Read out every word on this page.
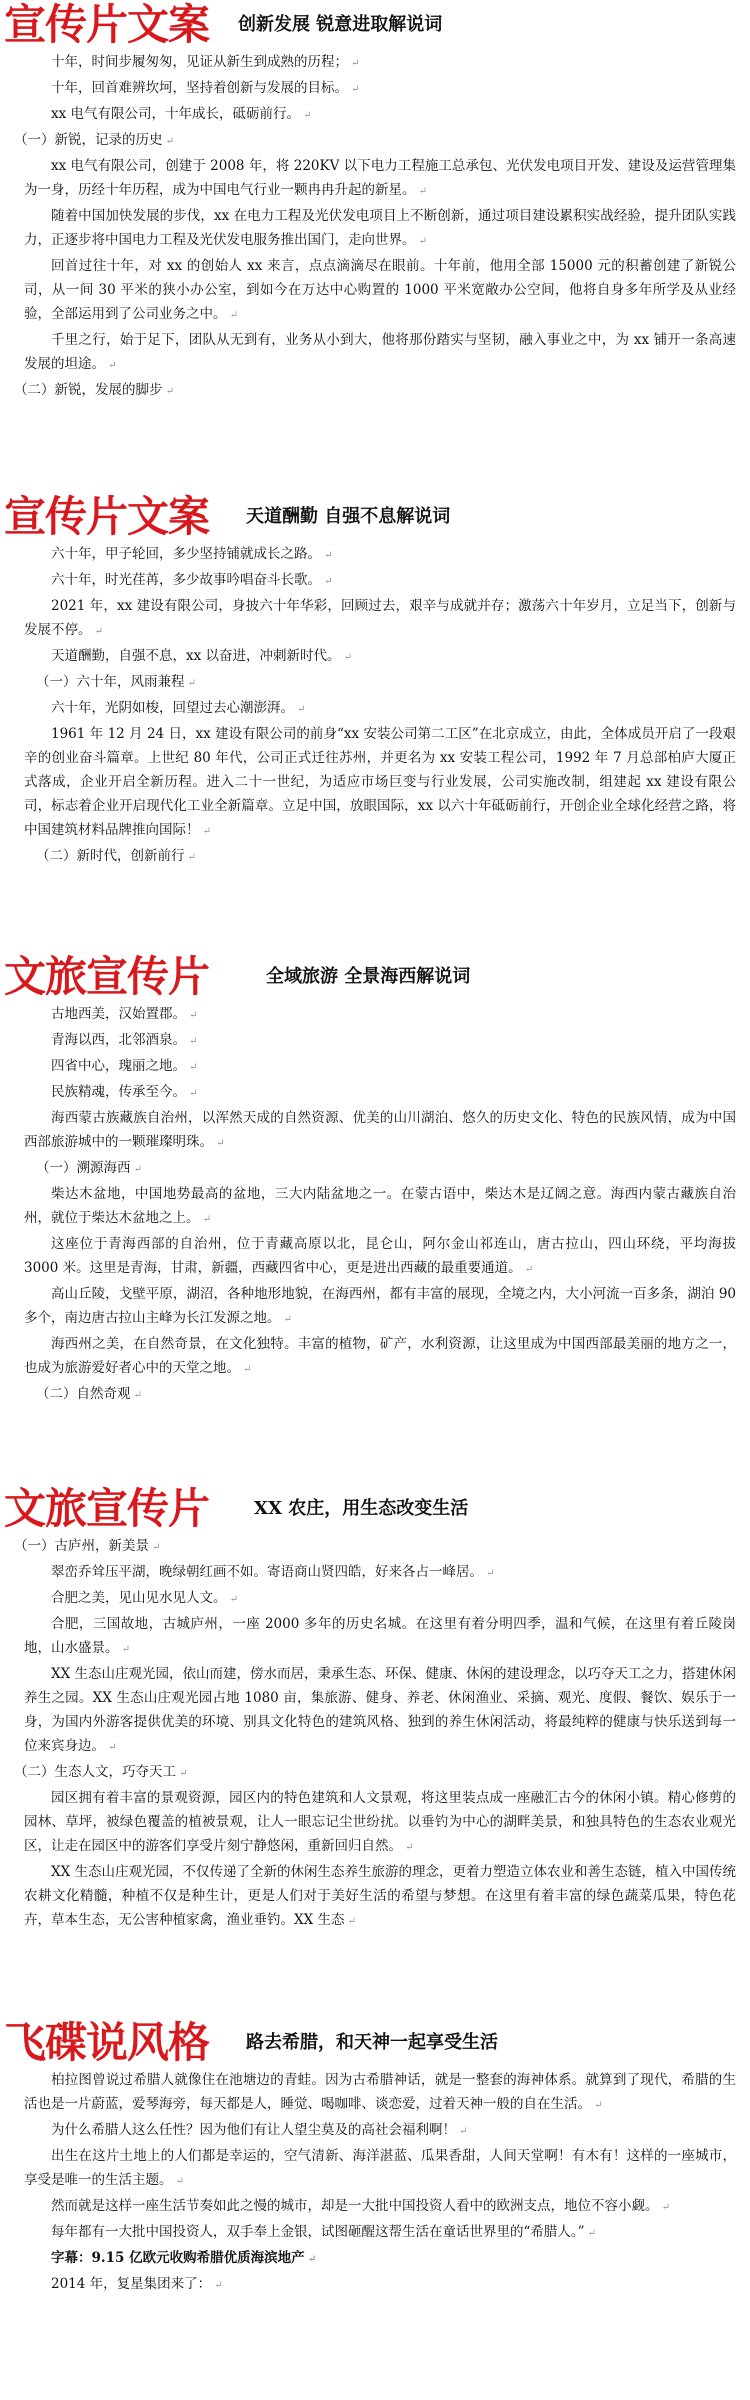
宣传片文案 创新发展 锐意进取解说词
十年，时间步履匆匆，见证从新生到成熟的历程； ↵
十年，回首难辨坎坷，坚持着创新与发展的目标。 ↵
xx 电气有限公司，十年成长，砥砺前行。 ↵
（一）新锐，记录的历史 ↵
xx 电气有限公司，创建于 2008 年，将 220KV 以下电力工程施工总承包、光伏发电项目开发、建设及运营管理集为一身，历经十年历程，成为中国电气行业一颗冉冉升起的新星。 ↵
随着中国加快发展的步伐，xx 在电力工程及光伏发电项目上不断创新，通过项目建设累积实战经验，提升团队实践力，正逐步将中国电力工程及光伏发电服务推出国门，走向世界。 ↵
回首过往十年，对 xx 的创始人 xx 来言，点点滴滴尽在眼前。十年前，他用全部 15000 元的积蓄创建了新锐公司，从一间 30 平米的狭小办公室，到如今在万达中心购置的 1000 平米宽敞办公空间，他将自身多年所学及从业经验，全部运用到了公司业务之中。 ↵
千里之行，始于足下，团队从无到有，业务从小到大，他将那份踏实与坚韧，融入事业之中，为 xx 铺开一条高速发展的坦途。 ↵
（二）新锐，发展的脚步 ↵
宣传片文案 天道酬勤 自强不息解说词
六十年，甲子轮回，多少坚持铺就成长之路。 ↵
六十年，时光荏苒，多少故事吟唱奋斗长歌。 ↵
2021 年，xx 建设有限公司，身披六十年华彩，回顾过去，艰辛与成就并存；激荡六十年岁月，立足当下，创新与发展不停。 ↵
天道酬勤，自强不息，xx 以奋进，冲刺新时代。 ↵
（一）六十年，风雨兼程 ↵
六十年，光阴如梭，回望过去心潮澎湃。 ↵
1961 年 12 月 24 日，xx 建设有限公司的前身“xx 安装公司第二工区”在北京成立，由此，全体成员开启了一段艰辛的创业奋斗篇章。上世纪 80 年代，公司正式迁往苏州，并更名为 xx 安装工程公司，1992 年 7 月总部柏庐大厦正式落成，企业开启全新历程。进入二十一世纪，为适应市场巨变与行业发展，公司实施改制，组建起 xx 建设有限公司，标志着企业开启现代化工业全新篇章。立足中国，放眼国际，xx 以六十年砥砺前行，开创企业全球化经营之路，将中国建筑材料品牌推向国际！ ↵
（二）新时代，创新前行 ↵
文旅宣传片	全域旅游 全景海西解说词
古地西美，汉始置郡。 ↵
青海以西，北邻酒泉。 ↵
四省中心，瑰丽之地。 ↵
民族精魂，传承至今。 ↵
海西蒙古族藏族自治州，以浑然天成的自然资源、优美的山川湖泊、悠久的历史文化、特色的民族风情，成为中国西部旅游城中的一颗璀璨明珠。 ↵
（一）溯源海西 ↵
柴达木盆地，中国地势最高的盆地，三大内陆盆地之一。在蒙古语中，柴达木是辽阔之意。海西内蒙古藏族自治州，就位于柴达木盆地之上。 ↵
这座位于青海西部的自治州，位于青藏高原以北，昆仑山，阿尔金山祁连山，唐古拉山，四山环绕，平均海拔 3000 米。这里是青海，甘肃，新疆，西藏四省中心，更是进出西藏的最重要通道。 ↵
高山丘陵，戈壁平原，湖沼，各种地形地貌，在海西州，都有丰富的展现，全境之内，大小河流一百多条，湖泊 90 多个，南边唐古拉山主峰为长江发源之地。 ↵
海西州之美，在自然奇景，在文化独特。丰富的植物，矿产，水利资源，让这里成为中国西部最美丽的地方之一，也成为旅游爱好者心中的天堂之地。 ↵
（二）自然奇观 ↵
文旅宣传片 XX 农庄，用生态改变生活
（一）古庐州，新美景 ↵
翠峦乔耸压平湖，晚绿朝红画不如。寄语商山贤四皓，好来各占一峰居。 ↵
合肥之美，见山见水见人文。 ↵
合肥，三国故地，古城庐州，一座 2000 多年的历史名城。在这里有着分明四季，温和气候，在这里有着丘陵岗地，山水盛景。 ↵
XX 生态山庄观光园，依山而建，傍水而居，秉承生态、环保、健康、休闲的建设理念，以巧夺天工之力，搭建休闲养生之园。XX 生态山庄观光园占地 1080 亩，集旅游、健身、养老、休闲渔业、采摘、观光、度假、餐饮、娱乐于一身，为国内外游客提供优美的环境、别具文化特色的建筑风格、独到的养生休闲活动，将最纯粹的健康与快乐送到每一位来宾身边。 ↵
（二）生态人文，巧夺天工 ↵
园区拥有着丰富的景观资源，园区内的特色建筑和人文景观，将这里装点成一座融汇古今的休闲小镇。精心修剪的园林、草坪，被绿色覆盖的植被景观，让人一眼忘记尘世纷扰。以垂钓为中心的湖畔美景，和独具特色的生态农业观光区，让走在园区中的游客们享受片刻宁静悠闲，重新回归自然。 ↵
XX 生态山庄观光园，不仅传递了全新的休闲生态养生旅游的理念，更着力塑造立体农业和善生态链，植入中国传统农耕文化精髓，种植不仅是种生计，更是人们对于美好生活的希望与梦想。在这里有着丰富的绿色蔬菜瓜果，特色花卉，草本生态，无公害种植家禽，渔业垂钓。XX 生态 ↵
飞碟说风格 路去希腊，和天神一起享受生活
柏拉图曾说过希腊人就像住在池塘边的青蛙。因为古希腊神话，就是一整套的海神体系。就算到了现代，希腊的生活也是一片蔚蓝，爱琴海旁，每天都是人，睡觉、喝咖啡、谈恋爱，过着天神一般的自在生活。 ↵
为什么希腊人这么任性？因为他们有让人望尘莫及的高社会福利啊！ ↵
出生在这片土地上的人们都是幸运的，空气清新、海洋湛蓝、瓜果香甜，人间天堂啊！有木有！这样的一座城市，享受是唯一的生活主题。 ↵
然而就是这样一座生活节奏如此之慢的城市，却是一大批中国投资人看中的欧洲支点，地位不容小觑。 ↵
每年都有一大批中国投资人，双手奉上金银，试图砸醒这帮生活在童话世界里的“希腊人。” ↵
字幕：9.15 亿欧元收购希腊优质海滨地产 ↵
2014 年，复星集团来了： ↵
